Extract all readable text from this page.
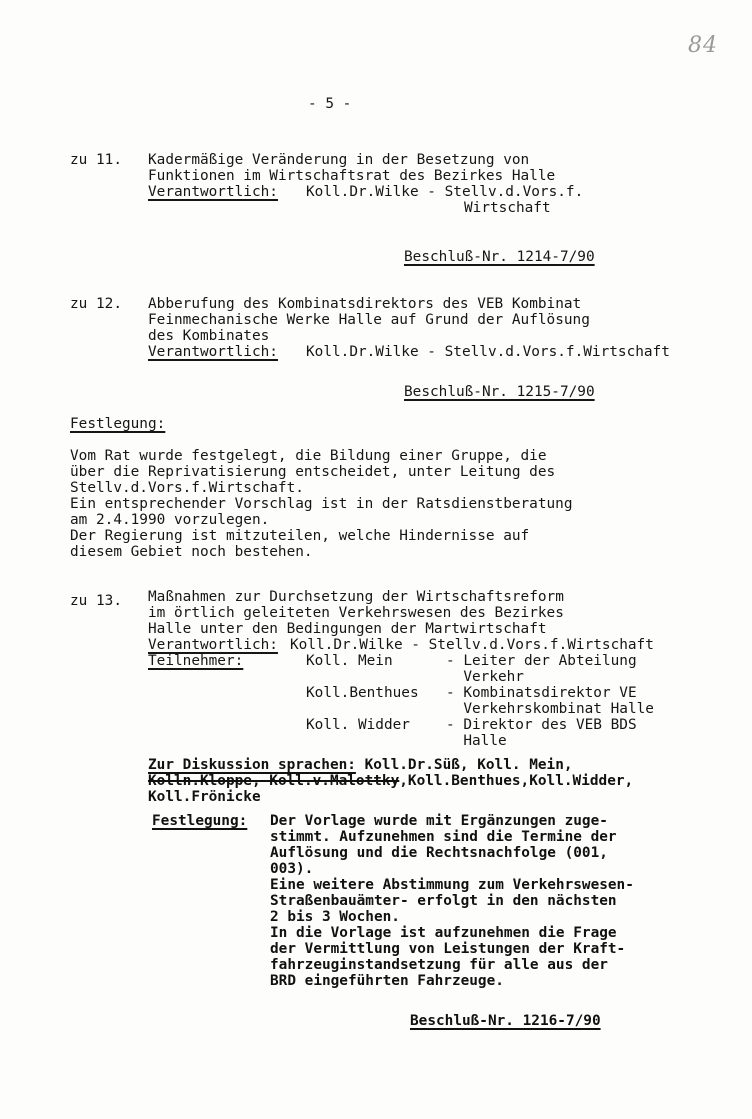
84
- 5 -
zu 11. Kadermäßige Veränderung in der Besetzung von
Funktionen im Wirtschaftsrat des Bezirkes Halle
Verantwortlich: Koll.Dr.Wilke - Stellv.d.Vors.f.
Wirtschaft
Beschluß-Nr. 1214-7/90
zu 12. Abberufung des Kombinatsdirektors des VEB Kombinat
Feinmechanische Werke Halle auf Grund der Auflösung
des Kombinates
Verantwortlich: Koll.Dr.Wilke - Stellv.d.Vors.f.Wirtschaft
Beschluß-Nr. 1215-7/90
Festlegung:
Vom Rat wurde festgelegt, die Bildung einer Gruppe, die
über die Reprivatisierung entscheidet, unter Leitung des
Stellv.d.Vors.f.Wirtschaft.
Ein entsprechender Vorschlag ist in der Ratsdienstberatung
am 2.4.1990 vorzulegen.
Der Regierung ist mitzuteilen, welche Hindernisse auf
diesem Gebiet noch bestehen.
zu 13. Maßnahmen zur Durchsetzung der Wirtschaftsreform
im örtlich geleiteten Verkehrswesen des Bezirkes
Halle unter den Bedingungen der Martwirtschaft
Verantwortlich: Koll.Dr.Wilke - Stellv.d.Vors.f.Wirtschaft
Teilnehmer:	Koll. Mein	- Leiter der Abteilung
Verkehr
Koll.Benthues - Kombinatsdirektor VE
Verkehrskombinat Halle
Koll. Widder	- Direktor des VEB BDS
Halle
Zur Diskussion sprachen: Koll.Dr.Süß, Koll. Mein,
Kolln.Kloppe, Koll.v.Malottky,Koll.Benthues,Koll.Widder,
Koll.Frönicke
Festlegung: Der Vorlage wurde mit Ergänzungen zuge-
stimmt. Aufzunehmen sind die Termine der
Auflösung und die Rechtsnachfolge (001,
003).
Eine weitere Abstimmung zum Verkehrswesen-
Straßenbauämter- erfolgt in den nächsten
2 bis 3 Wochen.
In die Vorlage ist aufzunehmen die Frage
der Vermittlung von Leistungen der Kraft-
fahrzeuginstandsetzung für alle aus der
BRD eingeführten Fahrzeuge.
Beschluß-Nr. 1216-7/90
